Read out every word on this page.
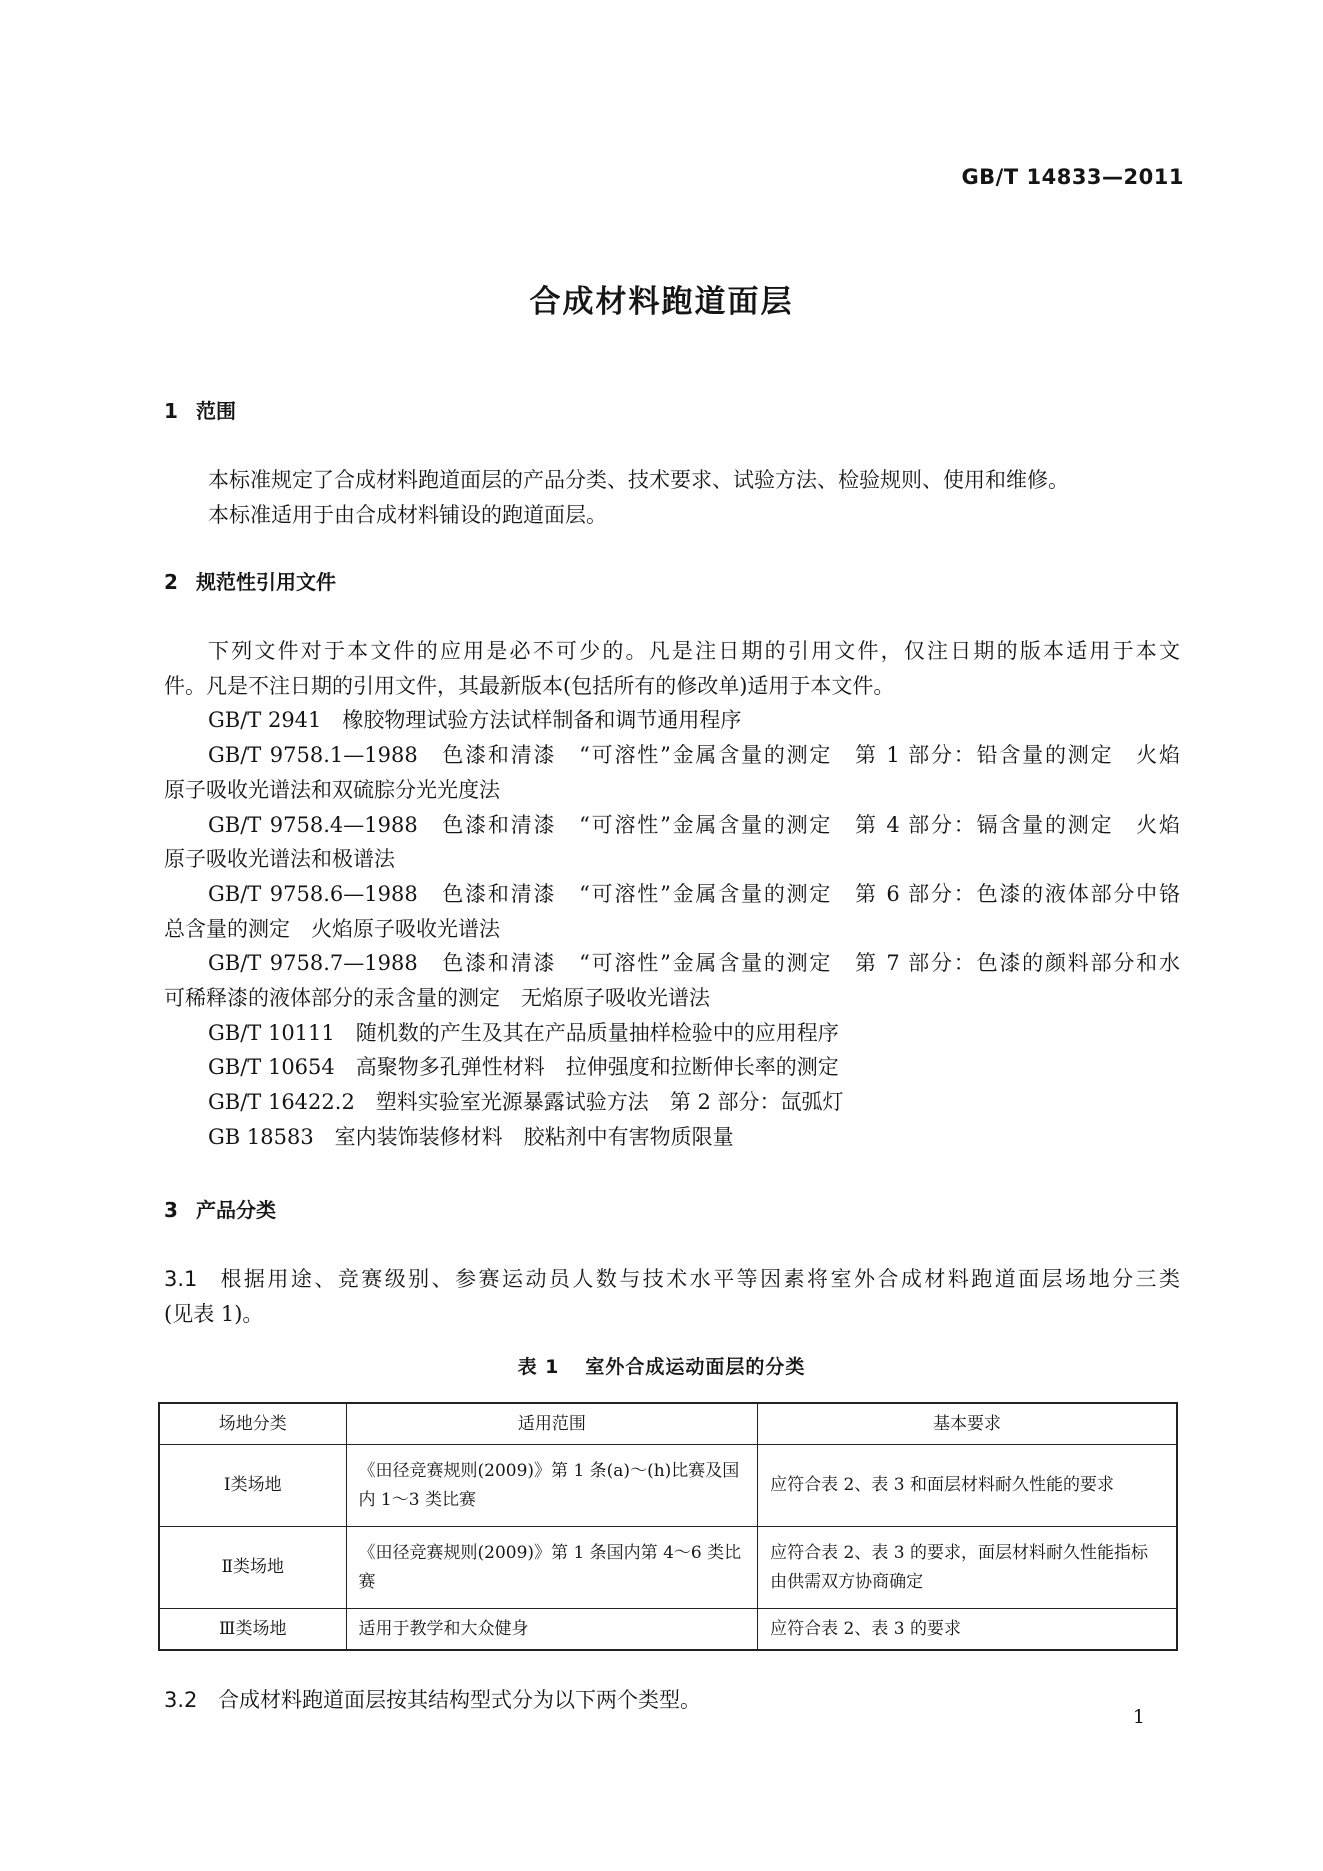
GB/T 14833—2011
合成材料跑道面层
1 范围
本标准规定了合成材料跑道面层的产品分类、技术要求、试验方法、检验规则、使用和维修。
本标准适用于由合成材料铺设的跑道面层。
2 规范性引用文件
下列文件对于本文件的应用是必不可少的。凡是注日期的引用文件，仅注日期的版本适用于本文
件。凡是不注日期的引用文件，其最新版本(包括所有的修改单)适用于本文件。
GB/T 2941　橡胶物理试验方法试样制备和调节通用程序
GB/T 9758.1—1988　色漆和清漆　“可溶性”金属含量的测定　第 1 部分：铅含量的测定　火焰
原子吸收光谱法和双硫腙分光光度法
GB/T 9758.4—1988　色漆和清漆　“可溶性”金属含量的测定　第 4 部分：镉含量的测定　火焰
原子吸收光谱法和极谱法
GB/T 9758.6—1988　色漆和清漆　“可溶性”金属含量的测定　第 6 部分：色漆的液体部分中铬
总含量的测定　火焰原子吸收光谱法
GB/T 9758.7—1988　色漆和清漆　“可溶性”金属含量的测定　第 7 部分：色漆的颜料部分和水
可稀释漆的液体部分的汞含量的测定　无焰原子吸收光谱法
GB/T 10111　随机数的产生及其在产品质量抽样检验中的应用程序
GB/T 10654　高聚物多孔弹性材料　拉伸强度和拉断伸长率的测定
GB/T 16422.2　塑料实验室光源暴露试验方法　第 2 部分：氙弧灯
GB 18583　室内装饰装修材料　胶粘剂中有害物质限量
3 产品分类
3.1 根据用途、竞赛级别、参赛运动员人数与技术水平等因素将室外合成材料跑道面层场地分三类
(见表 1)。
表 1 室外合成运动面层的分类
场地分类	适用范围	基本要求
Ⅰ类场地	《田径竞赛规则(2009)》第 1 条(a)～(h)比赛及国内 1～3 类比赛	应符合表 2、表 3 和面层材料耐久性能的要求
Ⅱ类场地	《田径竞赛规则(2009)》第 1 条国内第 4～6 类比赛	应符合表 2、表 3 的要求，面层材料耐久性能指标由供需双方协商确定
Ⅲ类场地	适用于教学和大众健身	应符合表 2、表 3 的要求
3.2 合成材料跑道面层按其结构型式分为以下两个类型。
1
